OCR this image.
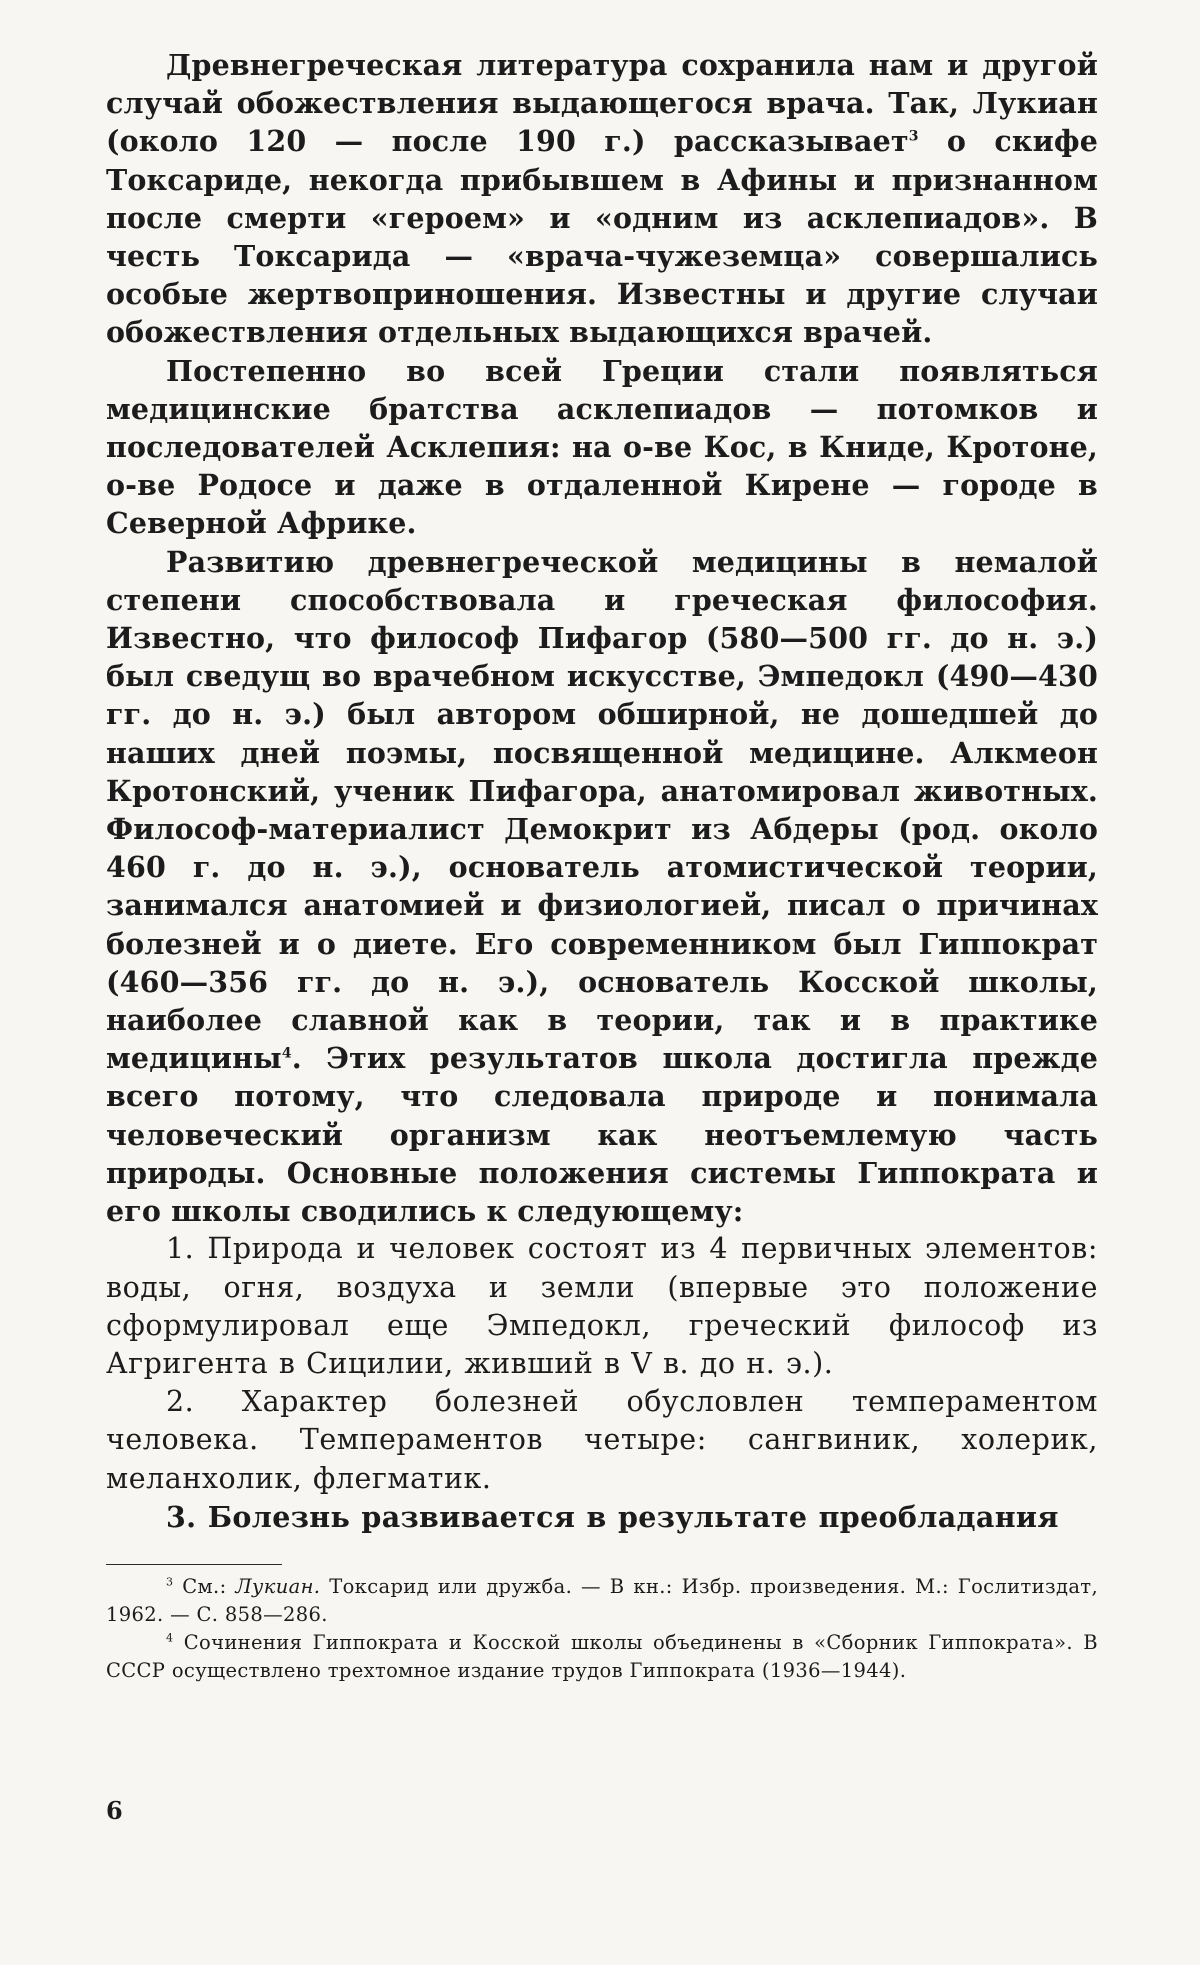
Древнегреческая литература сохранила нам и другой случай обожествления выдающегося врача. Так, Лукиан (около 120 — после 190 г.) рассказывает$^3$ о скифе Токсариде, некогда прибывшем в Афины и признанном после смерти «героем» и «одним из асклепиадов». В честь Токсарида — «врача-чужеземца» совершались особые жертвоприношения. Известны и другие случаи обожествления отдельных выдающихся врачей.

Постепенно во всей Греции стали появляться медицинские братства асклепиадов — потомков и последователей Асклепия: на о-ве Кос, в Книде, Кротоне, о-ве Родосе и даже в отдаленной Кирене — городе в Северной Африке.

Развитию древнегреческой медицины в немалой степени способствовала и греческая философия. Известно, что философ Пифагор (580—500 гг. до н. э.) был сведущ во врачебном искусстве, Эмпедокл (490—430 гг. до н. э.) был автором обширной, не дошедшей до наших дней поэмы, посвященной медицине. Алкмеон Кротонский, ученик Пифагора, анатомировал животных. Философ-материалист Демокрит из Абдеры (род. около 460 г. до н. э.), основатель атомистической теории, занимался анатомией и физиологией, писал о причинах болезней и о диете. Его современником был Гиппократ (460—356 гг. до н. э.), основатель Косской школы, наиболее славной как в теории, так и в практике медицины$^4$. Этих результатов школа достигла прежде всего потому, что следовала природе и понимала человеческий организм как неотъемлемую часть природы. Основные положения системы Гиппократа и его школы сводились к следующему:

1. Природа и человек состоят из 4 первичных элементов: воды, огня, воздуха и земли (впервые это положение сформулировал еще Эмпедокл, греческий философ из Агригента в Сицилии, живший в V в. до н. э.).

2. Характер болезней обусловлен темпераментом человека. Темпераментов четыре: сангвиник, холерик, меланхолик, флегматик.

3. Болезнь развивается в результате преобладания

$^3$ См.: Лукиан. Токсарид или дружба. — В кн.: Избр. произведения. М.: Гослитиздат, 1962. — С. 858—286.

$^4$ Сочинения Гиппократа и Косской школы объединены в «Сборник Гиппократа». В СССР осуществлено трехтомное издание трудов Гиппократа (1936—1944).

6
